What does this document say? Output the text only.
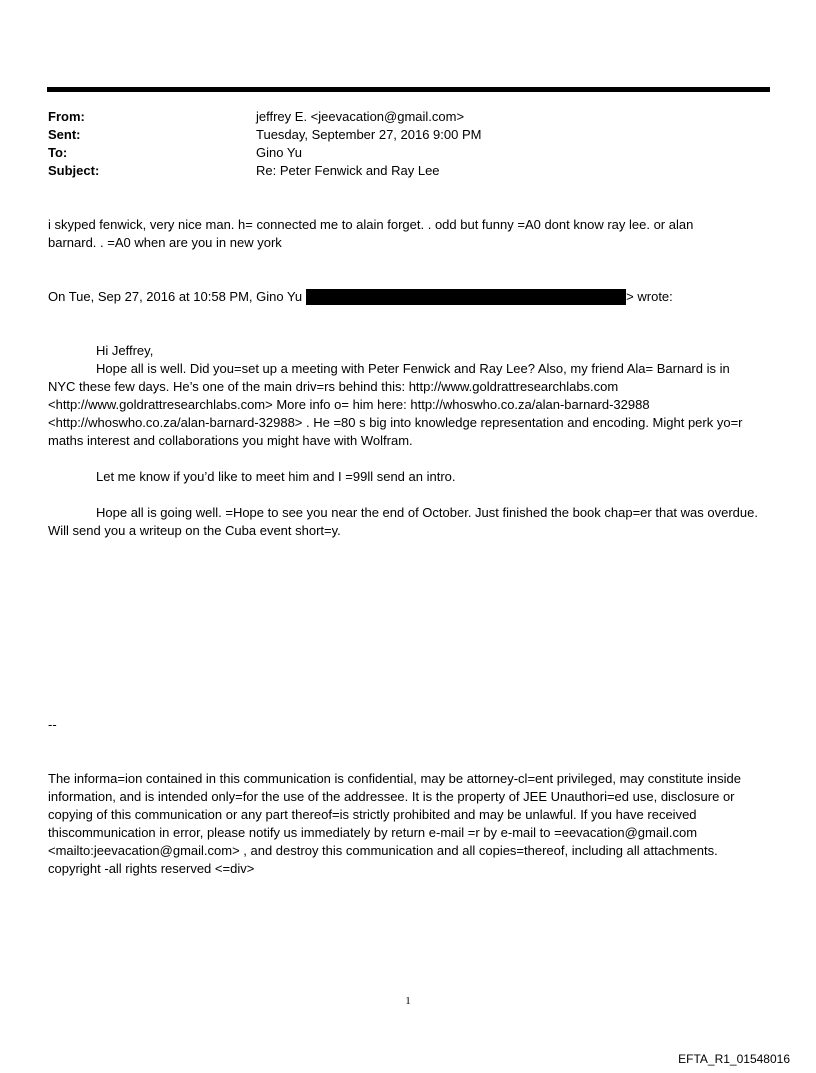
From:	jeffrey E. <jeevacation@gmail.com>
Sent:	Tuesday, September 27, 2016 9:00 PM
To:	Gino Yu
Subject:	Re: Peter Fenwick and Ray Lee
i skyped fenwick, very nice man. h= connected me to alain forget. . odd but funny =A0 dont know ray lee. or alan
barnard. . =A0 when are you in new york
On Tue, Sep 27, 2016 at 10:58 PM, Gino Yu	> wrote:
Hi Jeffrey,
Hope all is well. Did you=set up a meeting with Peter Fenwick and Ray Lee? Also, my friend Ala= Barnard is in NYC these few days. He’s one of the main driv=rs behind this: http://www.goldrattresearchlabs.com <http://www.goldrattresearchlabs.com> More info o= him here: http://whoswho.co.za/alan-barnard-32988 <http://whoswho.co.za/alan-barnard-32988> . He =80 s big into knowledge representation and encoding. Might perk yo=r maths interest and collaborations you might have with Wolfram.
Let me know if you’d like to meet him and I =99ll send an intro.
Hope all is going well. =Hope to see you near the end of October. Just finished the book chap=er that was overdue. Will send you a writeup on the Cuba event short=y.
--
The informa=ion contained in this communication is confidential, may be attorney-cl=ent privileged, may constitute inside information, and is intended only=for the use of the addressee. It is the property of JEE Unauthori=ed use, disclosure or copying of this communication or any part thereof=is strictly prohibited and may be unlawful. If you have received thiscommunication in error, please notify us immediately by return e-mail =r by e-mail to =eevacation@gmail.com <mailto:jeevacation@gmail.com> , and destroy this communication and all copies=thereof, including all attachments. copyright -all rights reserved <=div>
1
EFTA_R1_01548016
